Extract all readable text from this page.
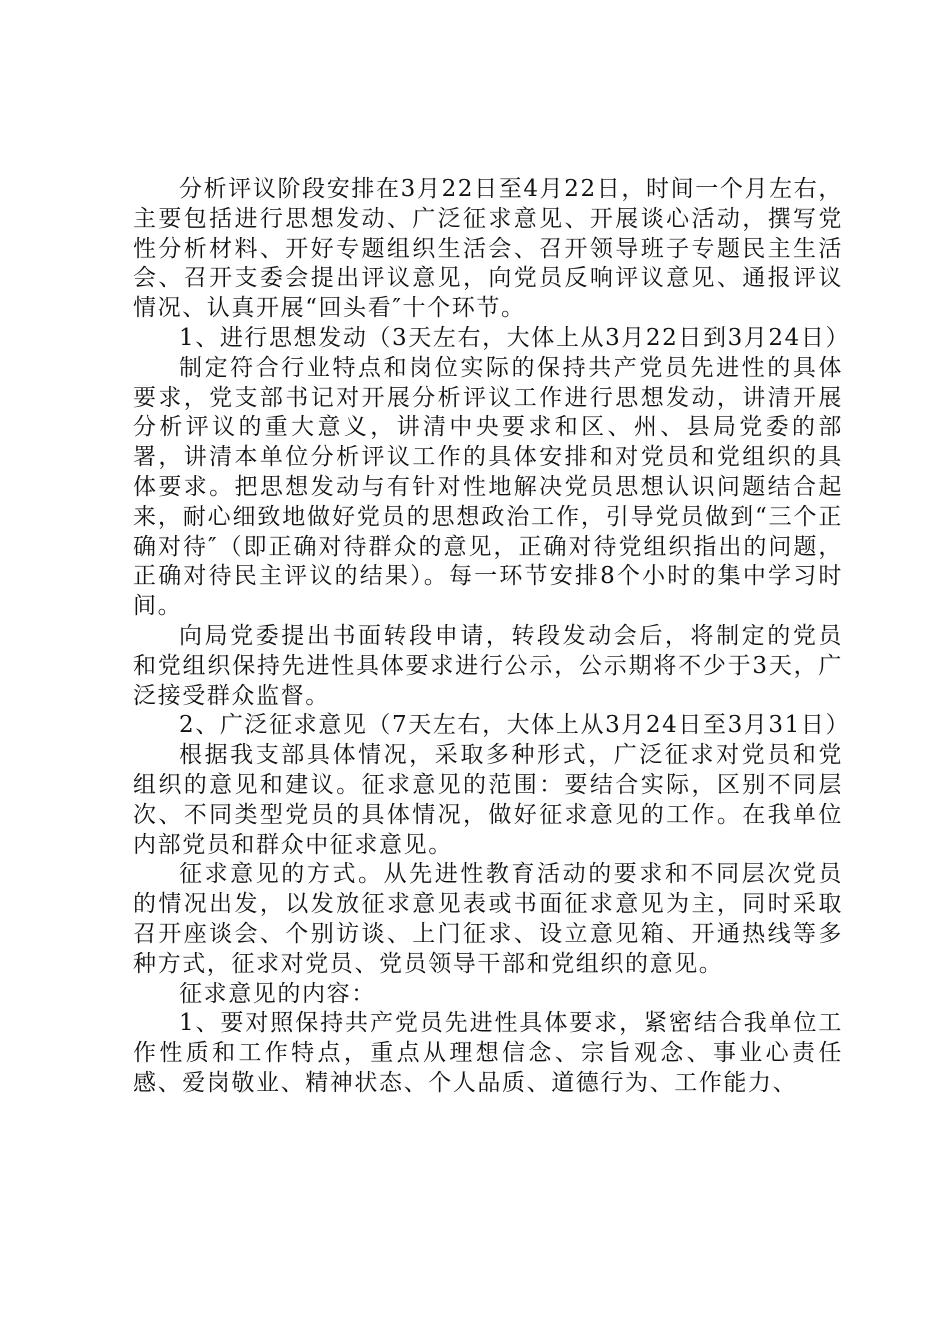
分析评议阶段安排在3月22日至4月22日，时间一个月左右，主要包括进行思想发动、广泛征求意见、开展谈心活动，撰写党性分析材料、开好专题组织生活会、召开领导班子专题民主生活会、召开支委会提出评议意见，向党员反响评议意见、通报评议情况、认真开展“回头看″十个环节。

1、进行思想发动（3天左右，大体上从3月22日到3月24日）

制定符合行业特点和岗位实际的保持共产党员先进性的具体要求，党支部书记对开展分析评议工作进行思想发动，讲清开展分析评议的重大意义，讲清中央要求和区、州、县局党委的部署，讲清本单位分析评议工作的具体安排和对党员和党组织的具体要求。把思想发动与有针对性地解决党员思想认识问题结合起来，耐心细致地做好党员的思想政治工作，引导党员做到“三个正确对待″（即正确对待群众的意见，正确对待党组织指出的问题，正确对待民主评议的结果）。每一环节安排8个小时的集中学习时间。

向局党委提出书面转段申请，转段发动会后，将制定的党员和党组织保持先进性具体要求进行公示，公示期将不少于3天，广泛接受群众监督。

2、广泛征求意见（7天左右，大体上从3月24日至3月31日）

根据我支部具体情况，采取多种形式，广泛征求对党员和党组织的意见和建议。征求意见的范围：要结合实际，区别不同层次、不同类型党员的具体情况，做好征求意见的工作。在我单位内部党员和群众中征求意见。

征求意见的方式。从先进性教育活动的要求和不同层次党员的情况出发，以发放征求意见表或书面征求意见为主，同时采取召开座谈会、个别访谈、上门征求、设立意见箱、开通热线等多种方式，征求对党员、党员领导干部和党组织的意见。

征求意见的内容：

1、要对照保持共产党员先进性具体要求，紧密结合我单位工作性质和工作特点，重点从理想信念、宗旨观念、事业心责任感、爱岗敬业、精神状态、个人品质、道德行为、工作能力、
